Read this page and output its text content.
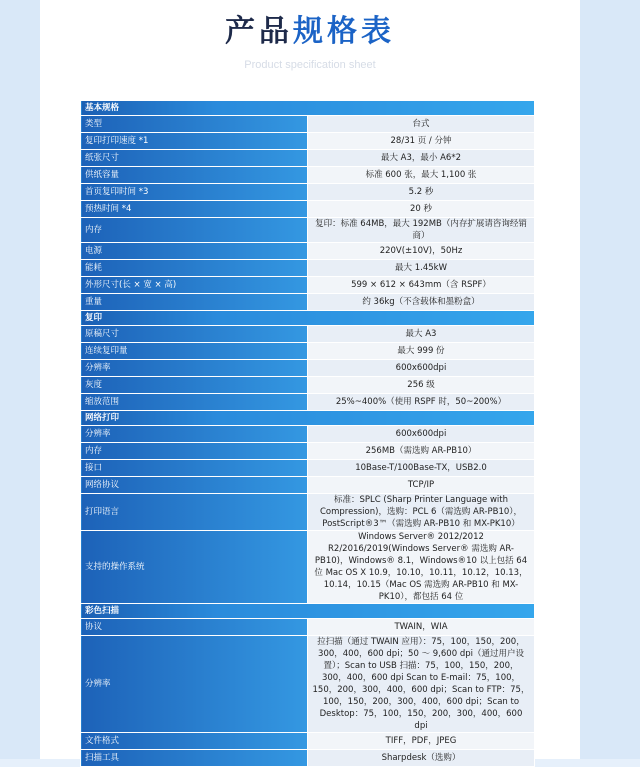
产品规格表
Product specification sheet
基本规格	
类型	台式
复印打印速度 *1	28/31 页 / 分钟
纸张尺寸	最大 A3，最小 A6*2
供纸容量	标准 600 张，最大 1,100 张
首页复印时间 *3	5.2 秒
预热时间 *4	20 秒
内存	复印：标准 64MB，最大 192MB（内存扩展请咨询经销商）
电源	220V(±10V)，50Hz
能耗	最大 1.45kW
外形尺寸(长 × 宽 × 高)	599 × 612 × 643mm（含 RSPF）
重量	约 36kg（不含载体和墨粉盒）
复印	
原稿尺寸	最大 A3
连续复印量	最大 999 份
分辨率	600x600dpi
灰度	256 级
缩放范围	25%~400%（使用 RSPF 时，50~200%）
网络打印	
分辨率	600x600dpi
内存	256MB（需选购 AR-PB10）
接口	10Base-T/100Base-TX，USB2.0
网络协议	TCP/IP
打印语言	标准：SPLC (Sharp Printer Language with Compression)，选购：PCL 6（需选购 AR-PB10），PostScript®3™（需选购 AR-PB10 和 MX-PK10）
支持的操作系统	Windows Server® 2012/2012 R2/2016/2019(Windows Server® 需选购 AR-PB10)，Windows® 8.1，Windows®10 以上包括 64 位 Mac OS X 10.9，10.10，10.11，10.12，10.13，10.14，10.15（Mac OS 需选购 AR-PB10 和 MX-PK10），都包括 64 位
彩色扫描	
协议	TWAIN，WIA
分辨率	拉扫描（通过 TWAIN 应用）：75，100，150，200，300，400，600 dpi；50 ～ 9,600 dpi（通过用户设置）；Scan to USB 扫描：75，100，150，200，300，400，600 dpi Scan to E-mail：75，100，150，200，300，400，600 dpi；Scan to FTP：75，100，150，200，300，400，600 dpi；Scan to Desktop：75，100，150，200，300，400，600 dpi
文件格式	TIFF，PDF，JPEG
扫描工具	Sharpdesk（选购）
